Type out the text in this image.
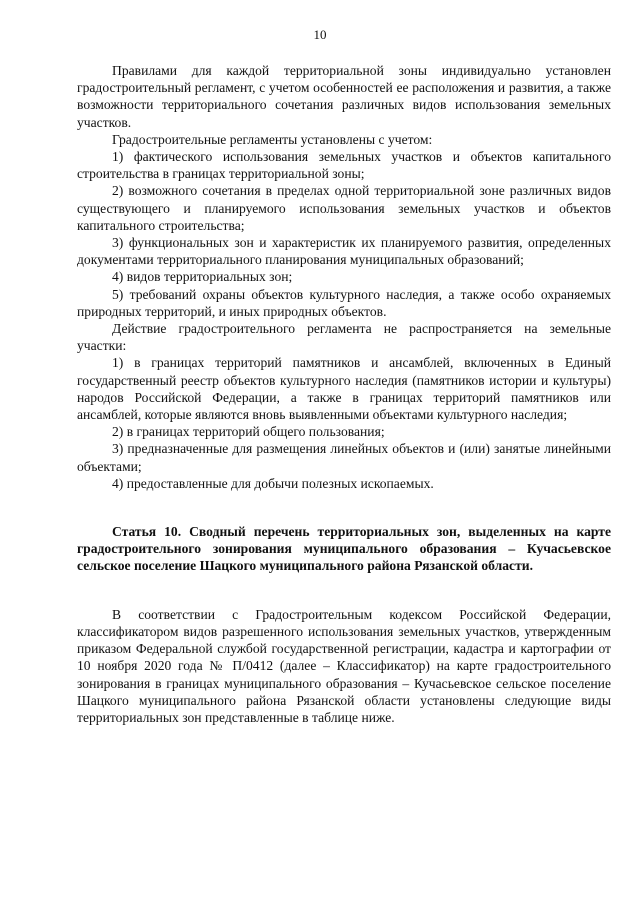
10

Правилами для каждой территориальной зоны индивидуально установлен градостроительный регламент, с учетом особенностей ее расположения и развития, а также возможности территориального сочетания различных видов использования земельных участков.

Градостроительные регламенты установлены с учетом:

1) фактического использования земельных участков и объектов капитального строительства в границах территориальной зоны;

2) возможного сочетания в пределах одной территориальной зоне различных видов существующего и планируемого использования земельных участков и объектов капитального строительства;

3) функциональных зон и характеристик их планируемого развития, определенных документами территориального планирования муниципальных образований;

4) видов территориальных зон;

5) требований охраны объектов культурного наследия, а также особо охраняемых природных территорий, и иных природных объектов.

Действие градостроительного регламента не распространяется на земельные участки:

1) в границах территорий памятников и ансамблей, включенных в Единый государственный реестр объектов культурного наследия (памятников истории и культуры) народов Российской Федерации, а также в границах территорий памятников или ансамблей, которые являются вновь выявленными объектами культурного наследия;

2) в границах территорий общего пользования;

3) предназначенные для размещения линейных объектов и (или) занятые линейными объектами;

4) предоставленные для добычи полезных ископаемых.

Статья 10. Сводный перечень территориальных зон, выделенных на карте градостроительного зонирования муниципального образования – Кучасьевское сельское поселение Шацкого муниципального района Рязанской области.

В соответствии с Градостроительным кодексом Российской Федерации, классификатором видов разрешенного использования земельных участков, утвержденным приказом Федеральной службой государственной регистрации, кадастра и картографии от 10 ноября 2020 года № П/0412 (далее – Классификатор) на карте градостроительного зонирования в границах муниципального образования – Кучасьевское сельское поселение Шацкого муниципального района Рязанской области установлены следующие виды территориальных зон представленные в таблице ниже.
